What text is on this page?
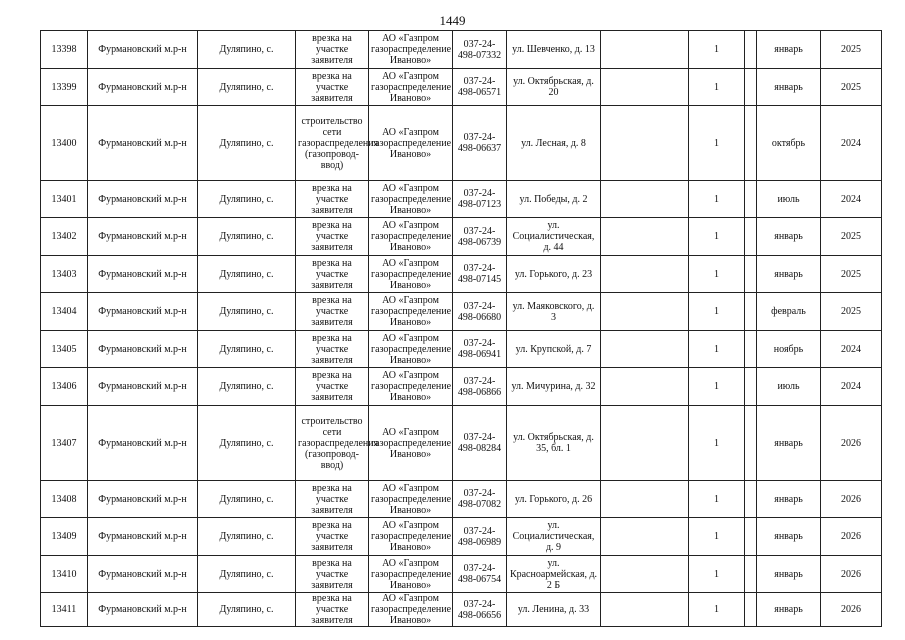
1449
13398	Фурмановский м.р-н	Дуляпино, с.	врезка на участке заявителя	АО «Газпром газораспределение Иваново»	037-24-498-07332	ул. Шевченко, д. 13		1		январь	2025
13399	Фурмановский м.р-н	Дуляпино, с.	врезка на участке заявителя	АО «Газпром газораспределение Иваново»	037-24-498-06571	ул. Октябрьская, д. 20		1		январь	2025
13400	Фурмановский м.р-н	Дуляпино, с.	строительство сети газораспределения (газопровод-ввод)	АО «Газпром газораспределение Иваново»	037-24-498-06637	ул. Лесная, д. 8		1		октябрь	2024
13401	Фурмановский м.р-н	Дуляпино, с.	врезка на участке заявителя	АО «Газпром газораспределение Иваново»	037-24-498-07123	ул. Победы, д. 2		1		июль	2024
13402	Фурмановский м.р-н	Дуляпино, с.	врезка на участке заявителя	АО «Газпром газораспределение Иваново»	037-24-498-06739	ул. Социалистическая, д. 44		1		январь	2025
13403	Фурмановский м.р-н	Дуляпино, с.	врезка на участке заявителя	АО «Газпром газораспределение Иваново»	037-24-498-07145	ул. Горького, д. 23		1		январь	2025
13404	Фурмановский м.р-н	Дуляпино, с.	врезка на участке заявителя	АО «Газпром газораспределение Иваново»	037-24-498-06680	ул. Маяковского, д. 3		1		февраль	2025
13405	Фурмановский м.р-н	Дуляпино, с.	врезка на участке заявителя	АО «Газпром газораспределение Иваново»	037-24-498-06941	ул. Крупской, д. 7		1		ноябрь	2024
13406	Фурмановский м.р-н	Дуляпино, с.	врезка на участке заявителя	АО «Газпром газораспределение Иваново»	037-24-498-06866	ул. Мичурина, д. 32		1		июль	2024
13407	Фурмановский м.р-н	Дуляпино, с.	строительство сети газораспределения (газопровод-ввод)	АО «Газпром газораспределение Иваново»	037-24-498-08284	ул. Октябрьская, д. 35, бл. 1		1		январь	2026
13408	Фурмановский м.р-н	Дуляпино, с.	врезка на участке заявителя	АО «Газпром газораспределение Иваново»	037-24-498-07082	ул. Горького, д. 26		1		январь	2026
13409	Фурмановский м.р-н	Дуляпино, с.	врезка на участке заявителя	АО «Газпром газораспределение Иваново»	037-24-498-06989	ул. Социалистическая, д. 9		1		январь	2026
13410	Фурмановский м.р-н	Дуляпино, с.	врезка на участке заявителя	АО «Газпром газораспределение Иваново»	037-24-498-06754	ул. Красноармейская, д. 2 Б		1		январь	2026
13411	Фурмановский м.р-н	Дуляпино, с.	врезка на участке заявителя	АО «Газпром газораспределение Иваново»	037-24-498-06656	ул. Ленина, д. 33		1		январь	2026
